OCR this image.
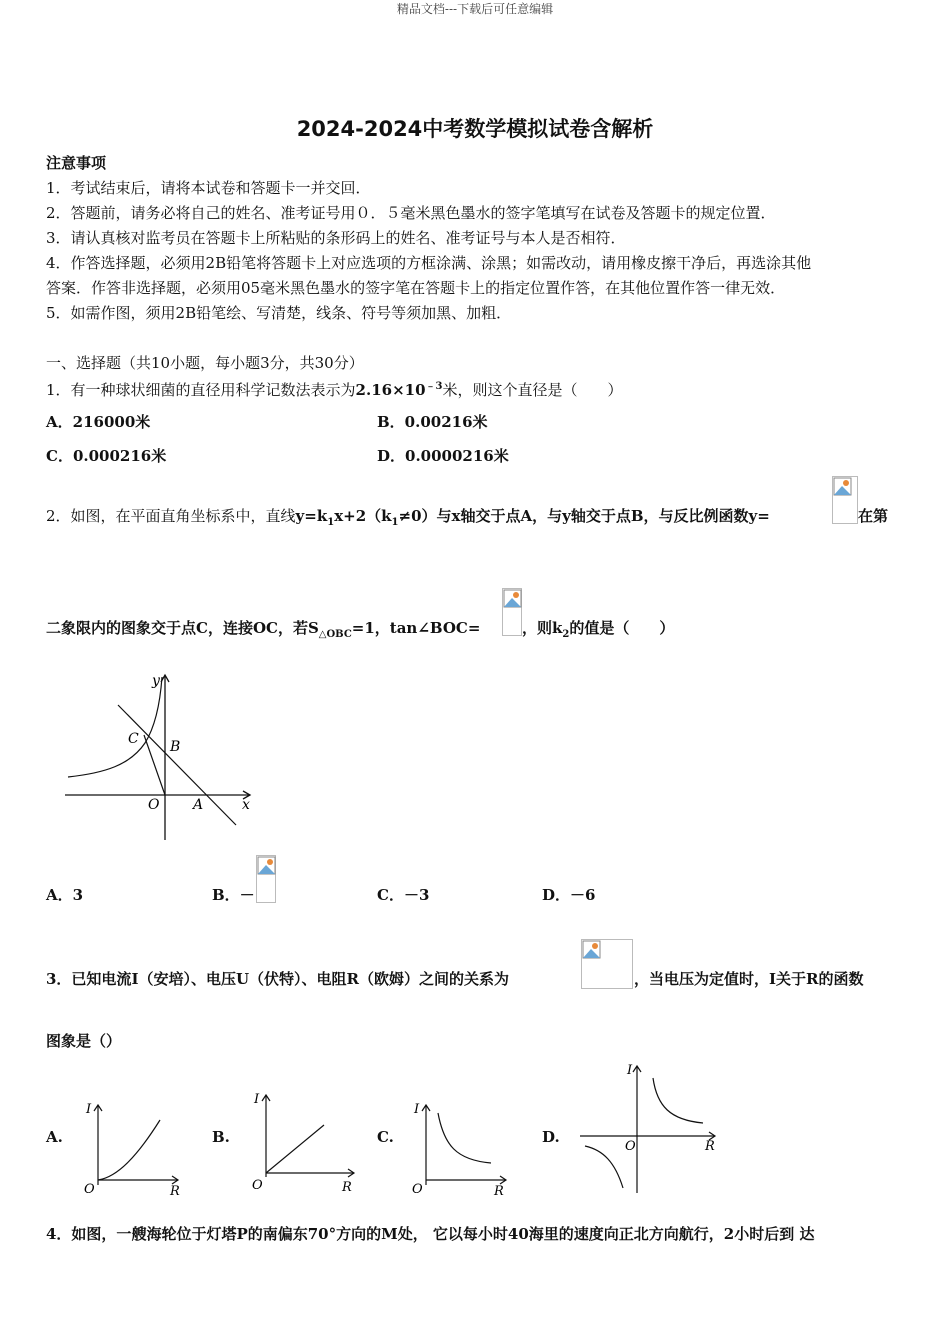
精品文档---下载后可任意编辑
2024-2024中考数学模拟试卷含解析
注意事项
1．考试结束后，请将本试卷和答题卡一并交回．
2．答题前，请务必将自己的姓名、准考证号用０．５毫米黑色墨水的签字笔填写在试卷及答题卡的规定位置．
3．请认真核对监考员在答题卡上所粘贴的条形码上的姓名、准考证号与本人是否相符．
4．作答选择题，必须用2B铅笔将答题卡上对应选项的方框涂满、涂黑；如需改动，请用橡皮擦干净后，再选涂其他
答案．作答非选择题，必须用05毫米黑色墨水的签字笔在答题卡上的指定位置作答，在其他位置作答一律无效．
5．如需作图，须用2B铅笔绘、写清楚，线条、符号等须加黑、加粗．
一、选择题（共10小题，每小题3分，共30分）
1．有一种球状细菌的直径用科学记数法表示为$2.16\times 10^{﹣3}$米，则这个直径是（　　）
A．216000米	B．0.00216米
C．0.000216米	D．0.0000216米
2．如图，在平面直角坐标系中，直线$y=k_1x+2(k_1\ne 0)$与x轴交于点A，与y轴交于点B，与反比例函数y=	在第
二象限内的图象交于点C，连接OC，若$S_{\triangle OBC}=1$，tan∠BOC=	，则$k_2$的值是（　　）
y
C B
O A	x
A．3	B．－	C．－3	D．－6
3．已知电流I（安培）、电压U（伏特）、电阻R（欧姆）之间的关系为	，当电压为定值时，I关于R的函数
图象是（）
A.
I
O	R
B.
I
O	R
C.
I
O	R
D.
I
O	R
4．如图，一艘海轮位于灯塔P的南偏东70°方向的M处， 它以每小时40海里的速度向正北方向航行，2小时后到 达
